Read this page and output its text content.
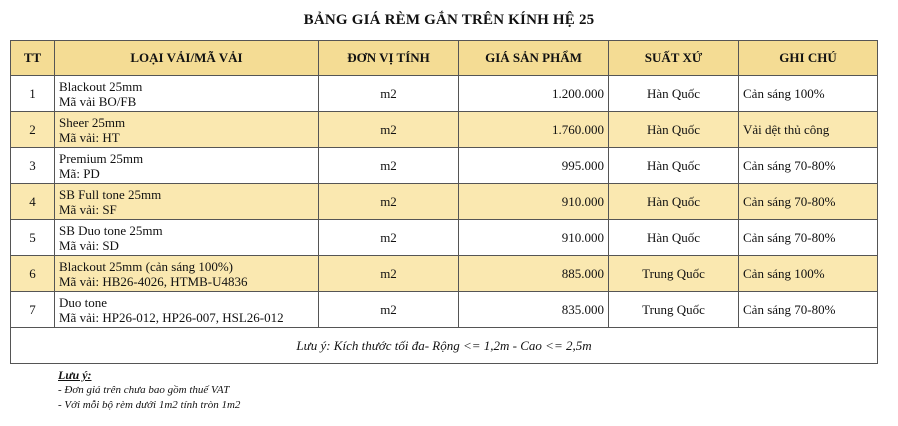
BẢNG GIÁ RÈM GẮN TRÊN KÍNH HỆ 25
TT	LOẠI VẢI/MÃ VẢI	ĐƠN VỊ TÍNH	GIÁ SẢN PHẨM	SUẤT XỨ	GHI CHÚ
1	Blackout 25mm
Mã vải BO/FB	m2	1.200.000	Hàn Quốc	Cản sáng 100%
2	Sheer 25mm
Mã vải: HT	m2	1.760.000	Hàn Quốc	Vải dệt thủ công
3	Premium 25mm
Mã: PD	m2	995.000	Hàn Quốc	Cản sáng 70-80%
4	SB Full tone 25mm
Mã vải: SF	m2	910.000	Hàn Quốc	Cản sáng 70-80%
5	SB Duo tone 25mm
Mã vải: SD	m2	910.000	Hàn Quốc	Cản sáng 70-80%
6	Blackout 25mm (cản sáng 100%)
Mã vải: HB26-4026, HTMB-U4836	m2	885.000	Trung Quốc	Cản sáng 100%
7	Duo tone
Mã vải: HP26-012, HP26-007, HSL26-012	m2	835.000	Trung Quốc	Cản sáng 70-80%
Lưu ý: Kích thước tối đa- Rộng <= 1,2m - Cao <= 2,5m					
Lưu ý:
- Đơn giá trên chưa bao gồm thuế VAT
- Với mỗi bộ rèm dưới 1m2 tính tròn 1m2
